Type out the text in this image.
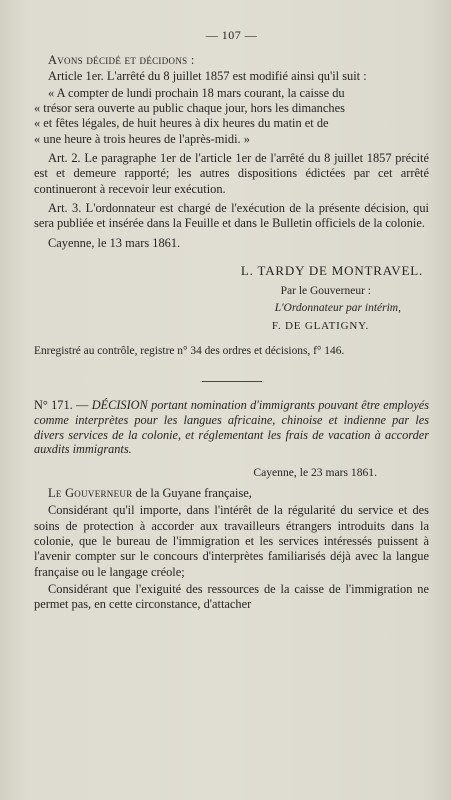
— 107 —

Avons décidé et décidons :

Article 1er. L'arrêté du 8 juillet 1857 est modifié ainsi qu'il suit :

« A compter de lundi prochain 18 mars courant, la caisse du

« trésor sera ouverte au public chaque jour, hors les dimanches

« et fêtes légales, de huit heures à dix heures du matin et de

« une heure à trois heures de l'après-midi. »

Art. 2. Le paragraphe 1er de l'article 1er de l'arrêté du 8 juillet 1857 précité est et demeure rapporté; les autres dispositions édictées par cet arrêté continueront à recevoir leur exécution.

Art. 3. L'ordonnateur est chargé de l'exécution de la présente décision, qui sera publiée et insérée dans la Feuille et dans le Bulletin officiels de la colonie.

Cayenne, le 13 mars 1861.

L. TARDY DE MONTRAVEL.
Par le Gouverneur :
L'Ordonnateur par intérim,
F. DE GLATIGNY.

Enregistré au contrôle, registre n° 34 des ordres et décisions, f° 146.

N° 171. — DÉCISION portant nomination d'immigrants pouvant être employés comme interprètes pour les langues africaine, chinoise et indienne par les divers services de la colonie, et réglementant les frais de vacation à accorder auxdits immigrants.

Cayenne, le 23 mars 1861.

Le Gouverneur de la Guyane française,

Considérant qu'il importe, dans l'intérêt de la régularité du service et des soins de protection à accorder aux travailleurs étrangers introduits dans la colonie, que le bureau de l'immigration et les services intéressés puissent à l'avenir compter sur le concours d'interprètes familiarisés déjà avec la langue française ou le langage créole;

Considérant que l'exiguité des ressources de la caisse de l'immigration ne permet pas, en cette circonstance, d'attacher
